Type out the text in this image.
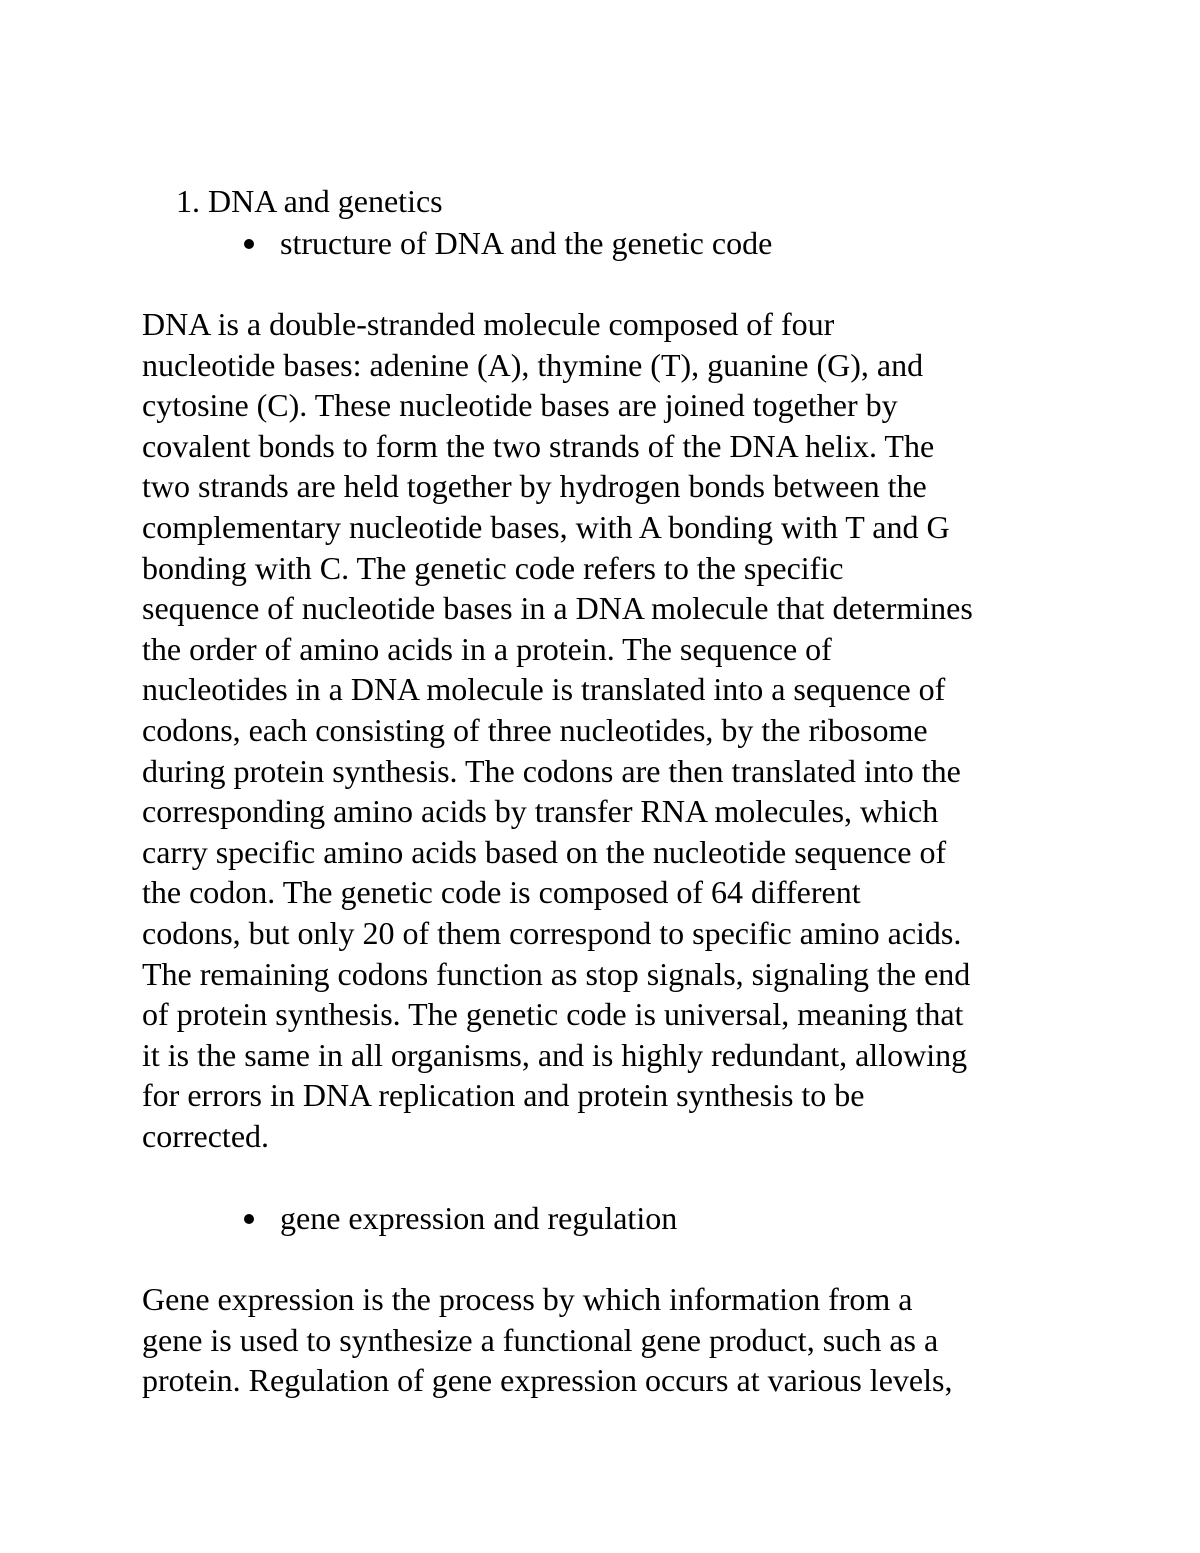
1. DNA and genetics
structure of DNA and the genetic code
DNA is a double-stranded molecule composed of four
nucleotide bases: adenine (A), thymine (T), guanine (G), and
cytosine (C). These nucleotide bases are joined together by
covalent bonds to form the two strands of the DNA helix. The
two strands are held together by hydrogen bonds between the
complementary nucleotide bases, with A bonding with T and G
bonding with C. The genetic code refers to the specific
sequence of nucleotide bases in a DNA molecule that determines
the order of amino acids in a protein. The sequence of
nucleotides in a DNA molecule is translated into a sequence of
codons, each consisting of three nucleotides, by the ribosome
during protein synthesis. The codons are then translated into the
corresponding amino acids by transfer RNA molecules, which
carry specific amino acids based on the nucleotide sequence of
the codon. The genetic code is composed of 64 different
codons, but only 20 of them correspond to specific amino acids.
The remaining codons function as stop signals, signaling the end
of protein synthesis. The genetic code is universal, meaning that
it is the same in all organisms, and is highly redundant, allowing
for errors in DNA replication and protein synthesis to be
corrected.
gene expression and regulation
Gene expression is the process by which information from a
gene is used to synthesize a functional gene product, such as a
protein. Regulation of gene expression occurs at various levels,
